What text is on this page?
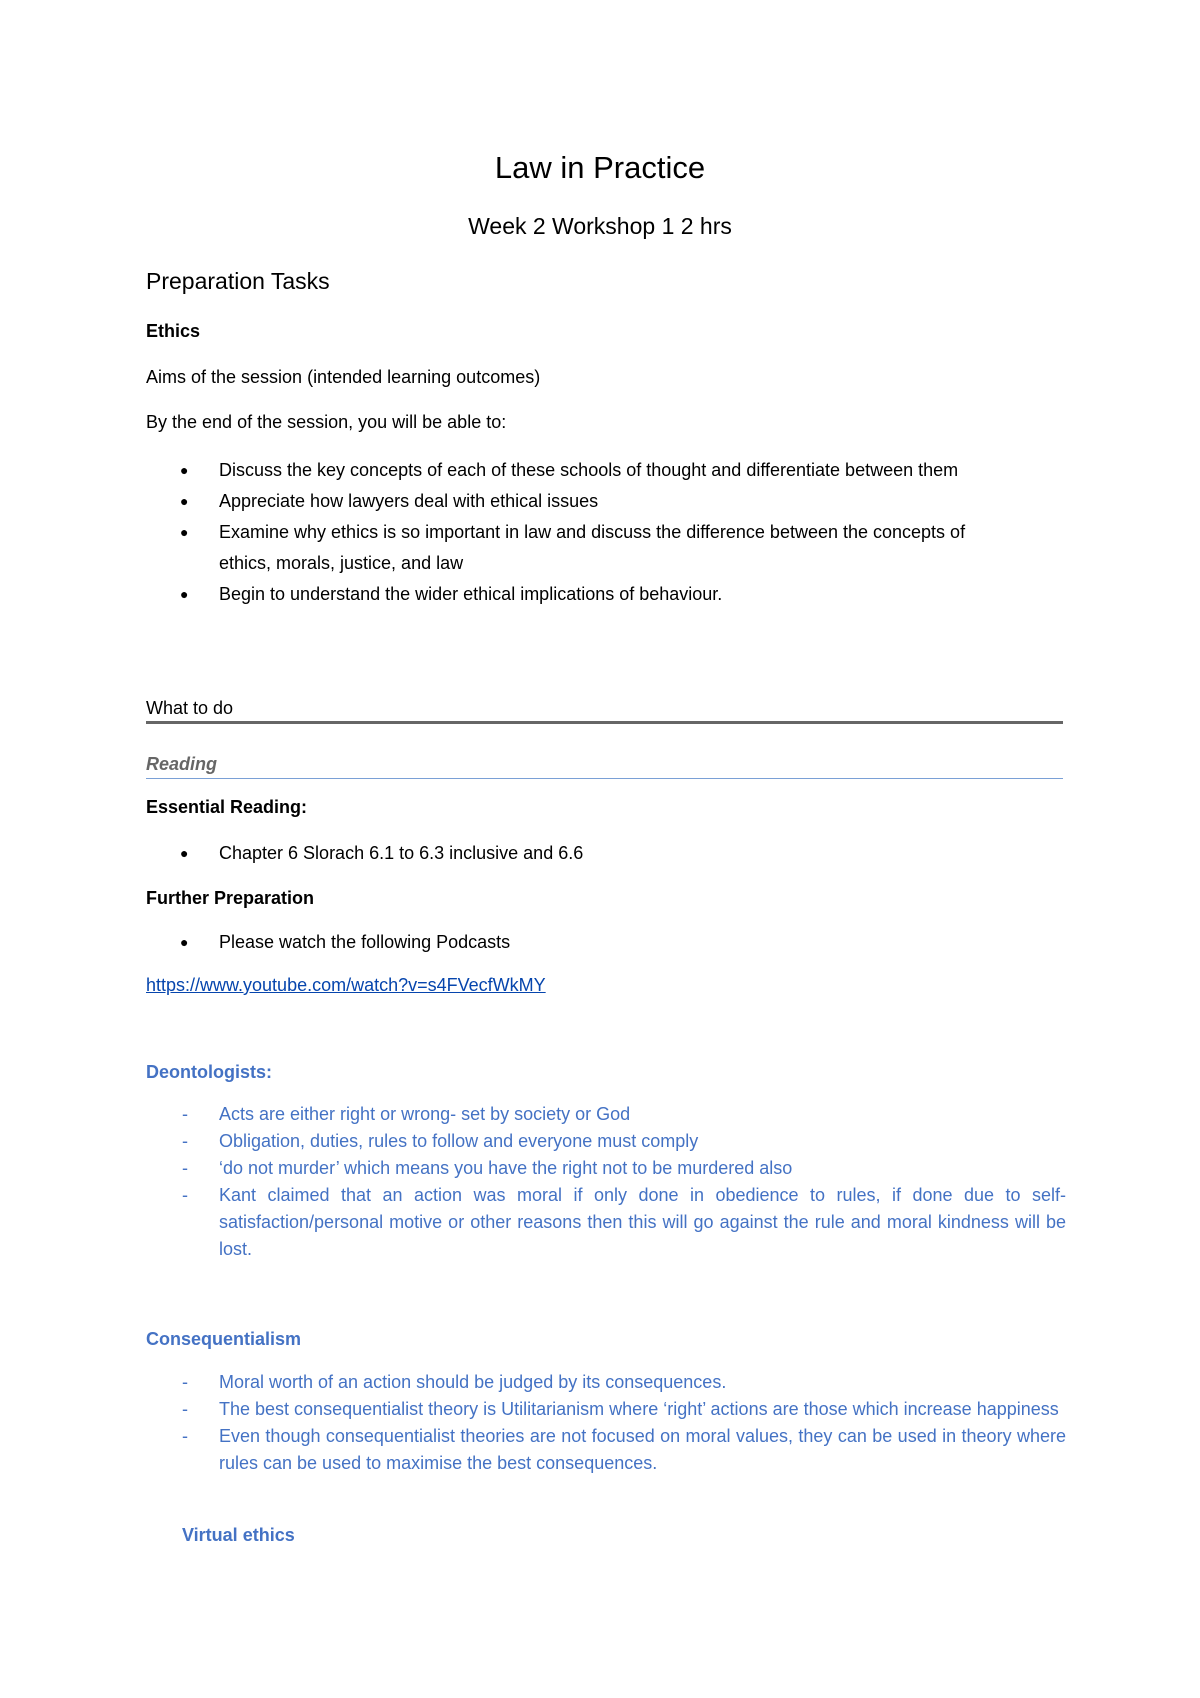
Law in Practice
Week 2 Workshop 1 2 hrs
Preparation Tasks
Ethics
Aims of the session (intended learning outcomes)
By the end of the session, you will be able to:
● Discuss the key concepts of each of these schools of thought and differentiate between them
● Appreciate how lawyers deal with ethical issues
● Examine why ethics is so important in law and discuss the difference between the concepts of ethics, morals, justice, and law
● Begin to understand the wider ethical implications of behaviour.
What to do
Reading
Essential Reading:
● Chapter 6 Slorach 6.1 to 6.3 inclusive and 6.6
Further Preparation
● Please watch the following Podcasts
https://www.youtube.com/watch?v=s4FVecfWkMY
Deontologists:
- Acts are either right or wrong- set by society or God
- Obligation, duties, rules to follow and everyone must comply
- ‘do not murder’ which means you have the right not to be murdered also
- Kant claimed that an action was moral if only done in obedience to rules, if done due to self-satisfaction/personal motive or other reasons then this will go against the rule and moral kindness will be lost.
Consequentialism
- Moral worth of an action should be judged by its consequences.
- The best consequentialist theory is Utilitarianism where ‘right’ actions are those which increase happiness
- Even though consequentialist theories are not focused on moral values, they can be used in theory where rules can be used to maximise the best consequences.
Virtual ethics
